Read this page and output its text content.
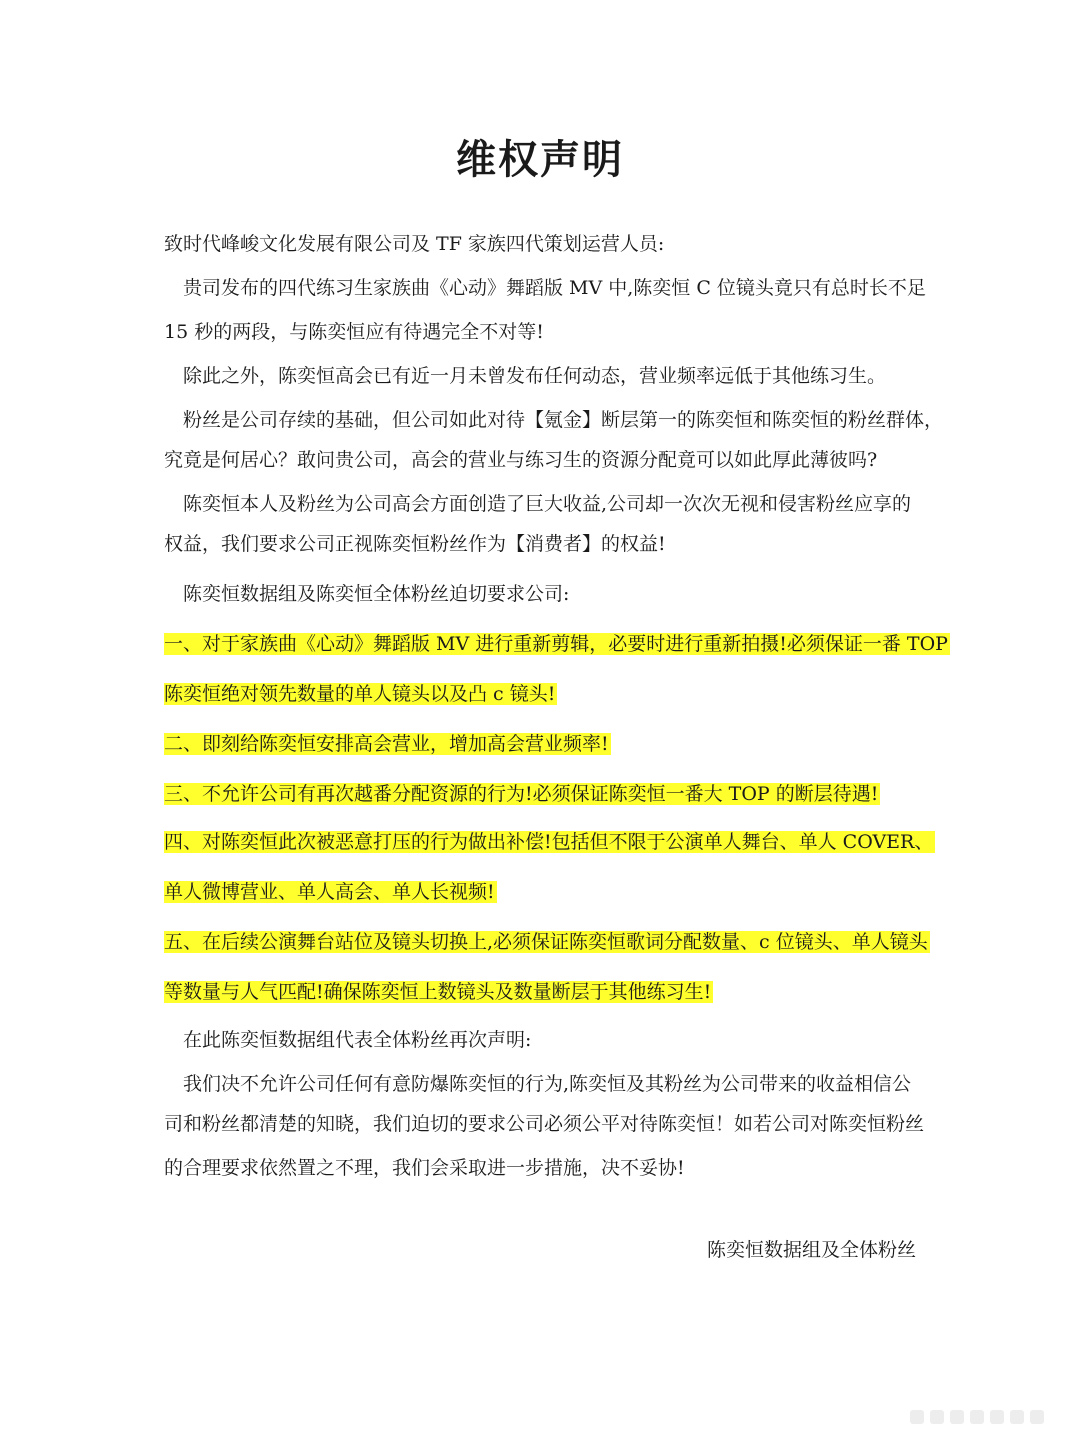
维权声明
致时代峰峻文化发展有限公司及 TF 家族四代策划运营人员:
贵司发布的四代练习生家族曲《心动》舞蹈版 MV 中,陈奕恒 C 位镜头竟只有总时长不足
15 秒的两段，与陈奕恒应有待遇完全不对等!
除此之外，陈奕恒高会已有近一月未曾发布任何动态，营业频率远低于其他练习生。
粉丝是公司存续的基础，但公司如此对待【氪金】断层第一的陈奕恒和陈奕恒的粉丝群体，
究竟是何居心？敢问贵公司，高会的营业与练习生的资源分配竟可以如此厚此薄彼吗?
陈奕恒本人及粉丝为公司高会方面创造了巨大收益,公司却一次次无视和侵害粉丝应享的
权益，我们要求公司正视陈奕恒粉丝作为【消费者】的权益!
陈奕恒数据组及陈奕恒全体粉丝迫切要求公司:
一、对于家族曲《心动》舞蹈版 MV 进行重新剪辑，必要时进行重新拍摄!必须保证一番 TOP
陈奕恒绝对领先数量的单人镜头以及凸 c 镜头!
二、即刻给陈奕恒安排高会营业，增加高会营业频率!
三、不允许公司有再次越番分配资源的行为!必须保证陈奕恒一番大 TOP 的断层待遇!
四、对陈奕恒此次被恶意打压的行为做出补偿!包括但不限于公演单人舞台、单人 COVER、
单人微博营业、单人高会、单人长视频!
五、在后续公演舞台站位及镜头切换上,必须保证陈奕恒歌词分配数量、c 位镜头、单人镜头
等数量与人气匹配!确保陈奕恒上数镜头及数量断层于其他练习生!
在此陈奕恒数据组代表全体粉丝再次声明:
我们决不允许公司任何有意防爆陈奕恒的行为,陈奕恒及其粉丝为公司带来的收益相信公
司和粉丝都清楚的知晓，我们迫切的要求公司必须公平对待陈奕恒！如若公司对陈奕恒粉丝
的合理要求依然置之不理，我们会采取进一步措施，决不妥协!
陈奕恒数据组及全体粉丝
